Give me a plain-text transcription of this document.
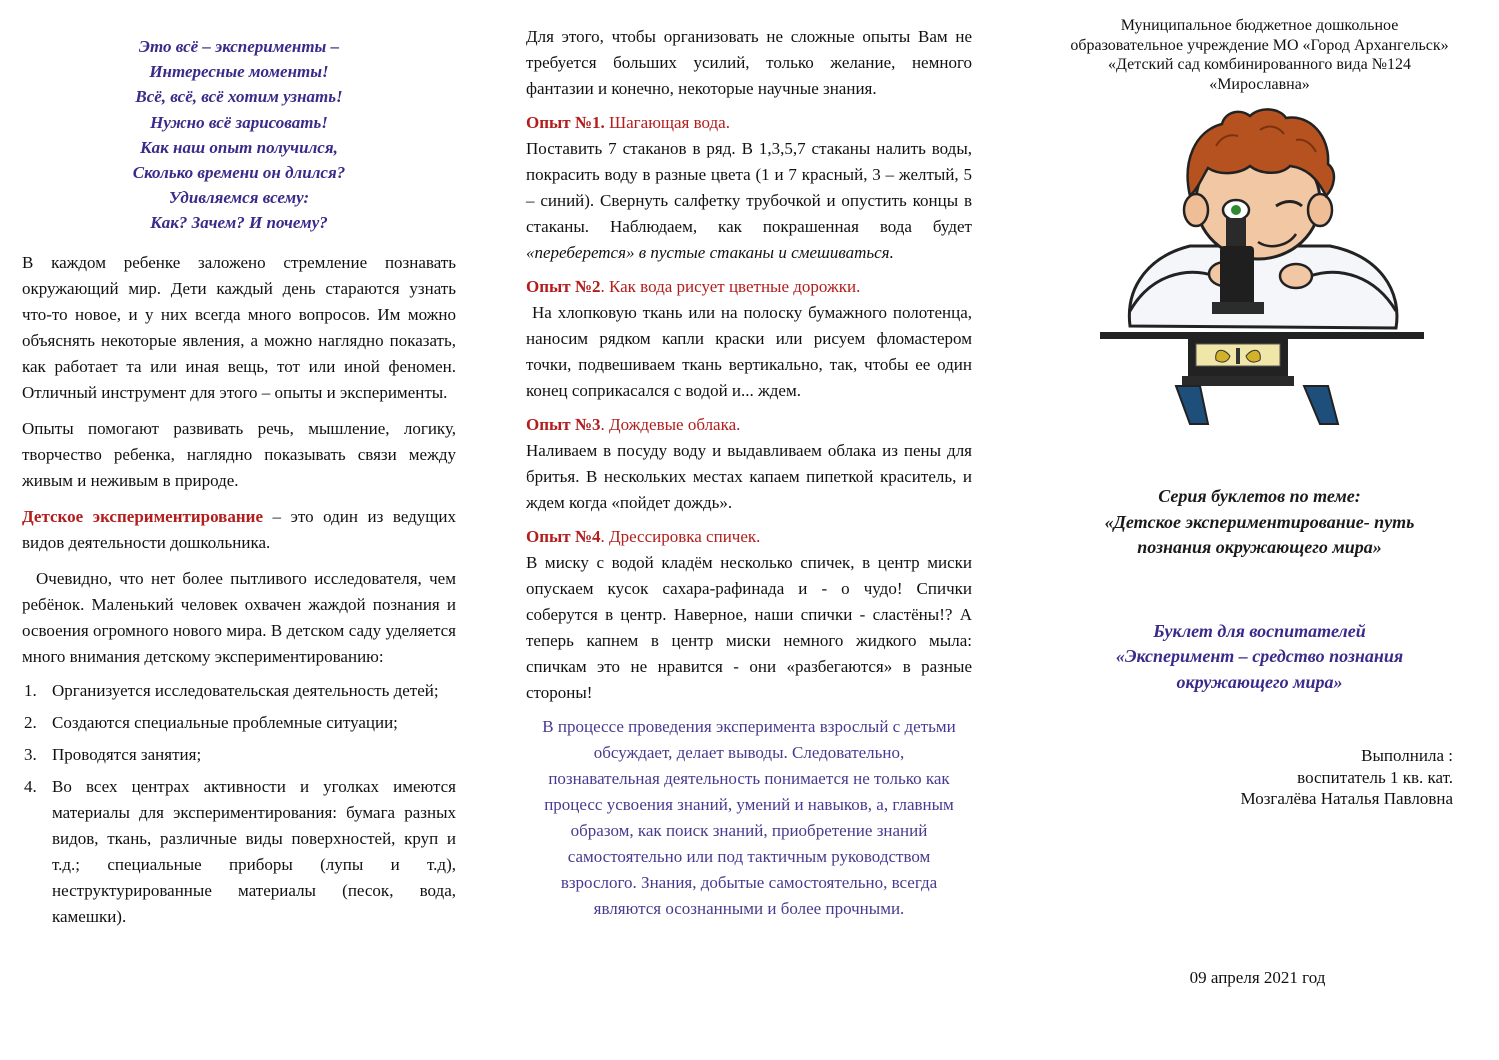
Это всё – эксперименты –
Интересные моменты!
Всё, всё, всё хотим узнать!
Нужно всё зарисовать!
Как наш опыт получился,
Сколько времени он длился?
Удивляемся всему:
Как? Зачем? И почему?

В каждом ребенке заложено стремление познавать окружающий мир. Дети каждый день стараются узнать что-то новое, и у них всегда много вопросов. Им можно объяснять некоторые явления, а можно наглядно показать, как работает та или иная вещь, тот или иной феномен. Отличный инструмент для этого – опыты и эксперименты.

Опыты помогают развивать речь, мышление, логику, творчество ребенка, наглядно показывать связи между живым и неживым в природе.

Детское экспериментирование – это один из ведущих видов деятельности дошкольника.

Очевидно, что нет более пытливого исследователя, чем ребёнок. Маленький человек охвачен жаждой познания и освоения огромного нового мира. В детском саду уделяется много внимания детскому экспериментированию:

1. Организуется исследовательская деятельность детей;
2. Создаются специальные проблемные ситуации;
3. Проводятся занятия;
4. Во всех центрах активности и уголках имеются материалы для экспериментирования: бумага разных видов, ткань, различные виды поверхностей, круп и т.д.; специальные приборы (лупы и т.д), неструктурированные материалы (песок, вода, камешки).

Для этого, чтобы организовать не сложные опыты Вам не требуется больших усилий, только желание, немного фантазии и конечно, некоторые научные знания.

Опыт №1. Шагающая вода.

Поставить 7 стаканов в ряд. В 1,3,5,7 стаканы налить воды, покрасить воду в разные цвета (1 и 7 красный, 3 – желтый, 5 – синий). Свернуть салфетку трубочкой и опустить концы в стаканы. Наблюдаем, как покрашенная вода будет «переберется» в пустые стаканы и смешиваться.

Опыт №2. Как вода рисует цветные дорожки.

На хлопковую ткань или на полоску бумажного полотенца, наносим рядком капли краски или рисуем фломастером точки, подвешиваем ткань вертикально, так, чтобы ее один конец соприкасался с водой и... ждем.

Опыт №3. Дождевые облака.

Наливаем в посуду воду и выдавливаем облака из пены для бритья. В нескольких местах капаем пипеткой краситель, и ждем когда «пойдет дождь».

Опыт №4. Дрессировка спичек.

В миску с водой кладём несколько спичек, в центр миски опускаем кусок сахара-рафинада и - о чудо! Спички соберутся в центр. Наверное, наши спички - сластёны!? А теперь капнем в центр миски немного жидкого мыла: спичкам это не нравится - они «разбегаются» в разные стороны!

В процессе проведения эксперимента взрослый с детьми обсуждает, делает выводы. Следовательно, познавательная деятельность понимается не только как процесс усвоения знаний, умений и навыков, а, главным образом, как поиск знаний, приобретение знаний самостоятельно или под тактичным руководством взрослого. Знания, добытые самостоятельно, всегда являются осознанными и более прочными.
Муниципальное бюджетное дошкольное
образовательное учреждение МО «Город Архангельск»
«Детский сад комбинированного вида №124
«Мирославна»
Серия буклетов по теме:
«Детское экспериментирование- путь
познания окружающего мира»
Буклет для воспитателей
«Эксперимент – средство познания
окружающего мира»
Выполнила :
воспитатель 1 кв. кат.
Мозгалёва Наталья Павловна
09 апреля 2021 год
